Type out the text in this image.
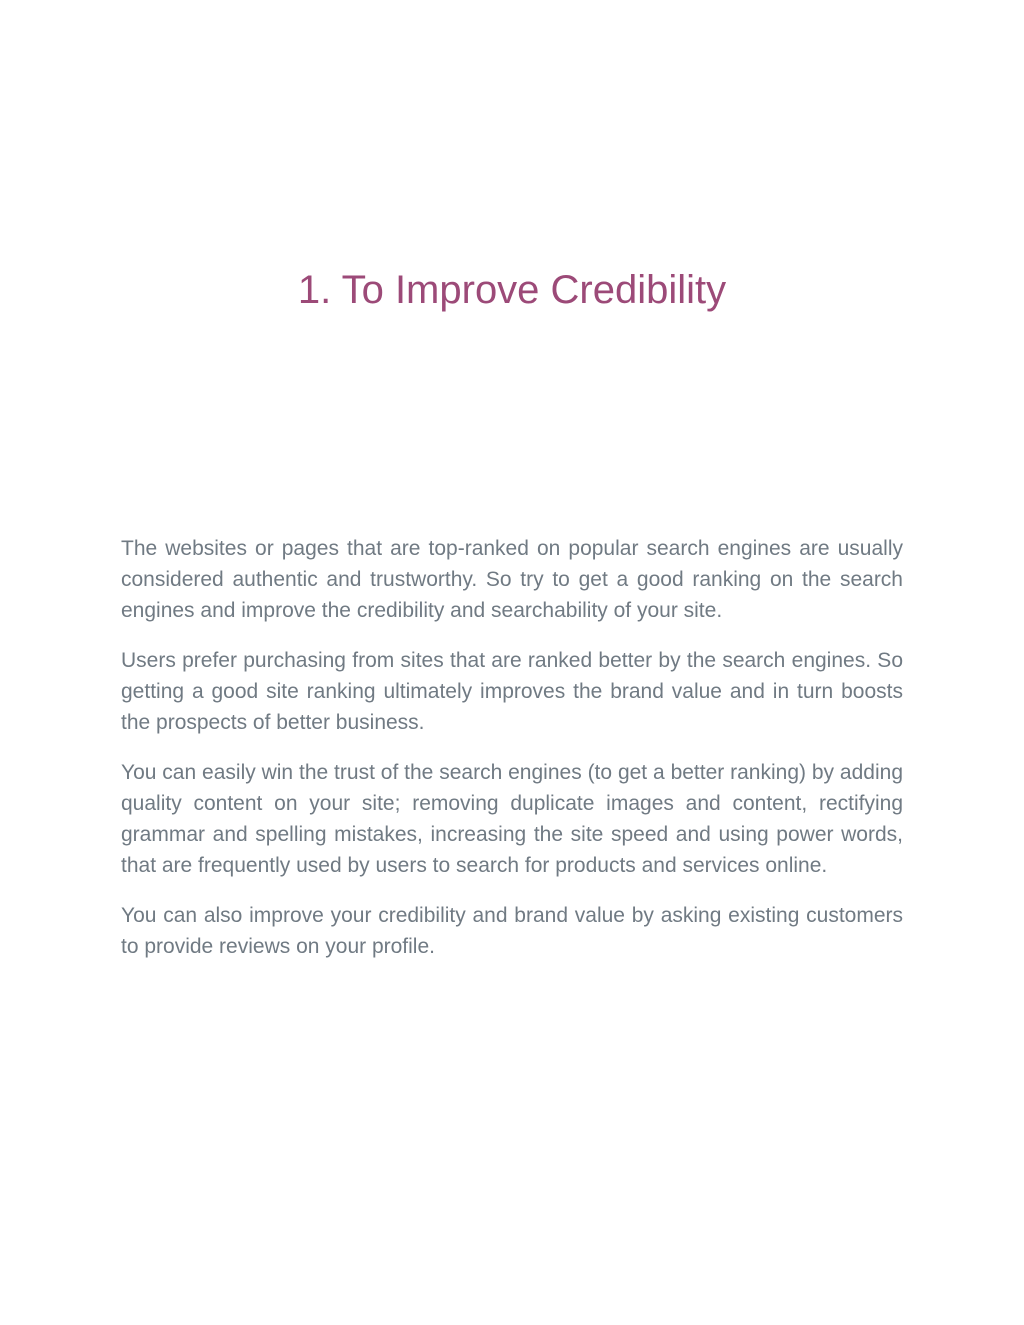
1. To Improve Credibility

The websites or pages that are top-ranked on popular search engines are usually considered authentic and trustworthy. So try to get a good ranking on the search engines and improve the credibility and searchability of your site.

Users prefer purchasing from sites that are ranked better by the search engines. So getting a good site ranking ultimately improves the brand value and in turn boosts the prospects of better business.

You can easily win the trust of the search engines (to get a better ranking) by adding quality content on your site; removing duplicate images and content, rectifying grammar and spelling mistakes, increasing the site speed and using power words, that are frequently used by users to search for products and services online.

You can also improve your credibility and brand value by asking existing customers to provide reviews on your profile.
